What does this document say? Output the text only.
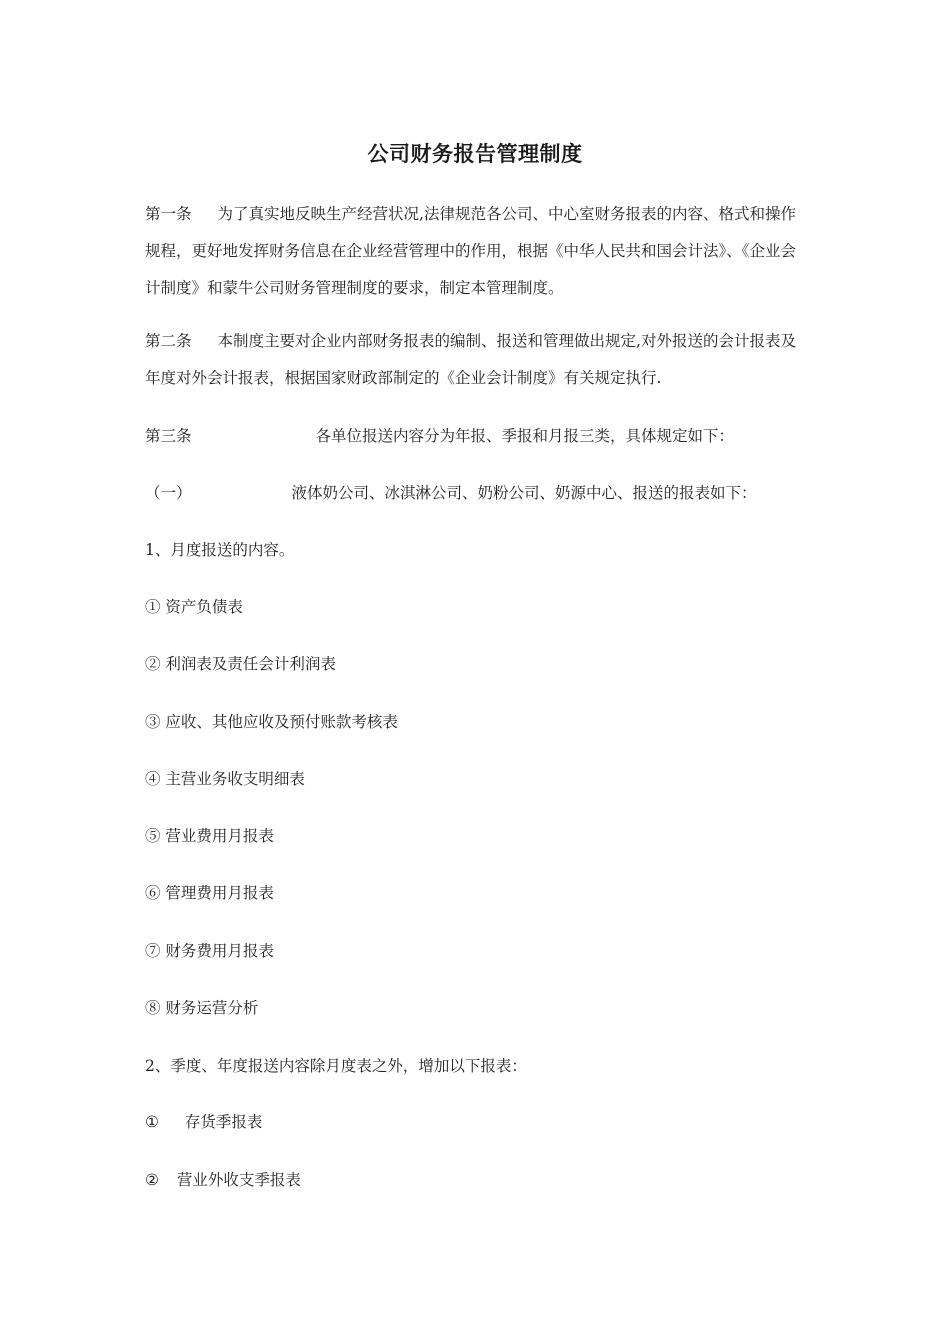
公司财务报告管理制度
第一条 为了真实地反映生产经营状况,法律规范各公司、中心室财务报表的内容、格式和操作规程，更好地发挥财务信息在企业经营管理中的作用，根据《中华人民共和国会计法》、《企业会计制度》和蒙牛公司财务管理制度的要求，制定本管理制度。
第二条 本制度主要对企业内部财务报表的编制、报送和管理做出规定,对外报送的会计报表及年度对外会计报表，根据国家财政部制定的《企业会计制度》有关规定执行.
第三条	各单位报送内容分为年报、季报和月报三类，具体规定如下：
（一）	液体奶公司、冰淇淋公司、奶粉公司、奶源中心、报送的报表如下：
1、月度报送的内容。
① 资产负债表
② 利润表及责任会计利润表
③ 应收、其他应收及预付账款考核表
④ 主营业务收支明细表
⑤ 营业费用月报表
⑥ 管理费用月报表
⑦ 财务费用月报表
⑧ 财务运营分析
2、季度、年度报送内容除月度表之外，增加以下报表：
① 存货季报表
② 营业外收支季报表
